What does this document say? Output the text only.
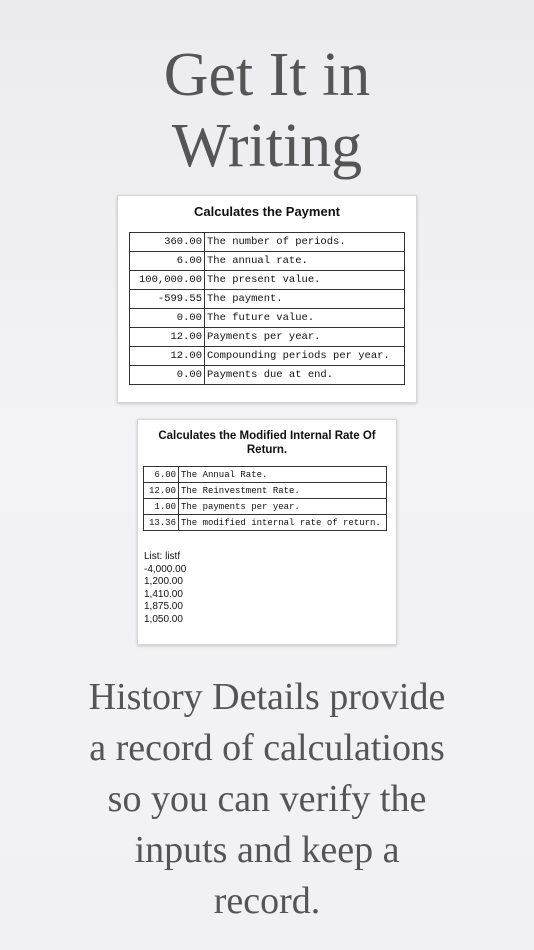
Get It in
Writing
Calculates the Payment
360.00	The number of periods.
6.00	The annual rate.
100,000.00	The present value.
-599.55	The payment.
0.00	The future value.
12.00	Payments per year.
12.00	Compounding periods per year.
0.00	Payments due at end.
Calculates the Modified Internal Rate Of Return.
6.00	The Annual Rate.
12.00	The Reinvestment Rate.
1.00	The payments per year.
13.36	The modified internal rate of return.
List: listf
-4,000.00
1,200.00
1,410.00
1,875.00
1,050.00
History Details provide
a record of calculations
so you can verify the
inputs and keep a
record.
